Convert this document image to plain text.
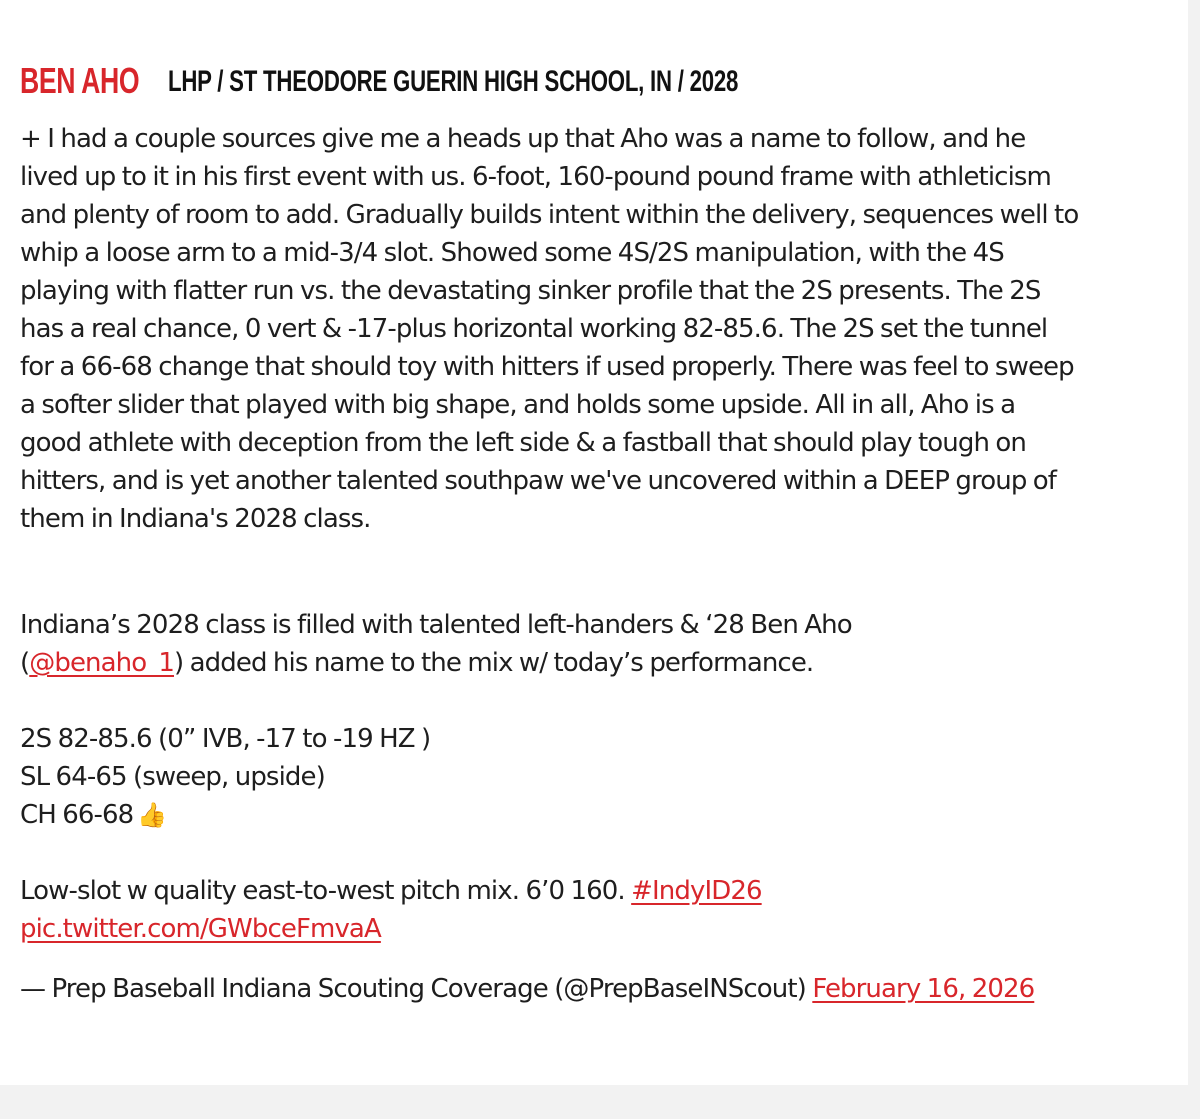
BEN AHO LHP / ST THEODORE GUERIN HIGH SCHOOL, IN / 2028

+ I had a couple sources give me a heads up that Aho was a name to follow, and he lived up to it in his first event with us. 6-foot, 160-pound pound frame with athleticism and plenty of room to add. Gradually builds intent within the delivery, sequences well to whip a loose arm to a mid-3/4 slot. Showed some 4S/2S manipulation, with the 4S playing with flatter run vs. the devastating sinker profile that the 2S presents. The 2S has a real chance, 0 vert & -17-plus horizontal working 82-85.6. The 2S set the tunnel for a 66-68 change that should toy with hitters if used properly. There was feel to sweep a softer slider that played with big shape, and holds some upside. All in all, Aho is a good athlete with deception from the left side & a fastball that should play tough on hitters, and is yet another talented southpaw we've uncovered within a DEEP group of them in Indiana's 2028 class.

Indiana’s 2028 class is filled with talented left-handers & ‘28 Ben Aho
(@benaho_1) added his name to the mix w/ today’s performance.

2S 82-85.6 (0” IVB, -17 to -19 HZ )

SL 64-65 (sweep, upside)

CH 66-68 👍

Low-slot w quality east-to-west pitch mix. 6’0 160. #IndyID26
pic.twitter.com/GWbceFmvaA

— Prep Baseball Indiana Scouting Coverage (@PrepBaseINScout) February 16, 2026
